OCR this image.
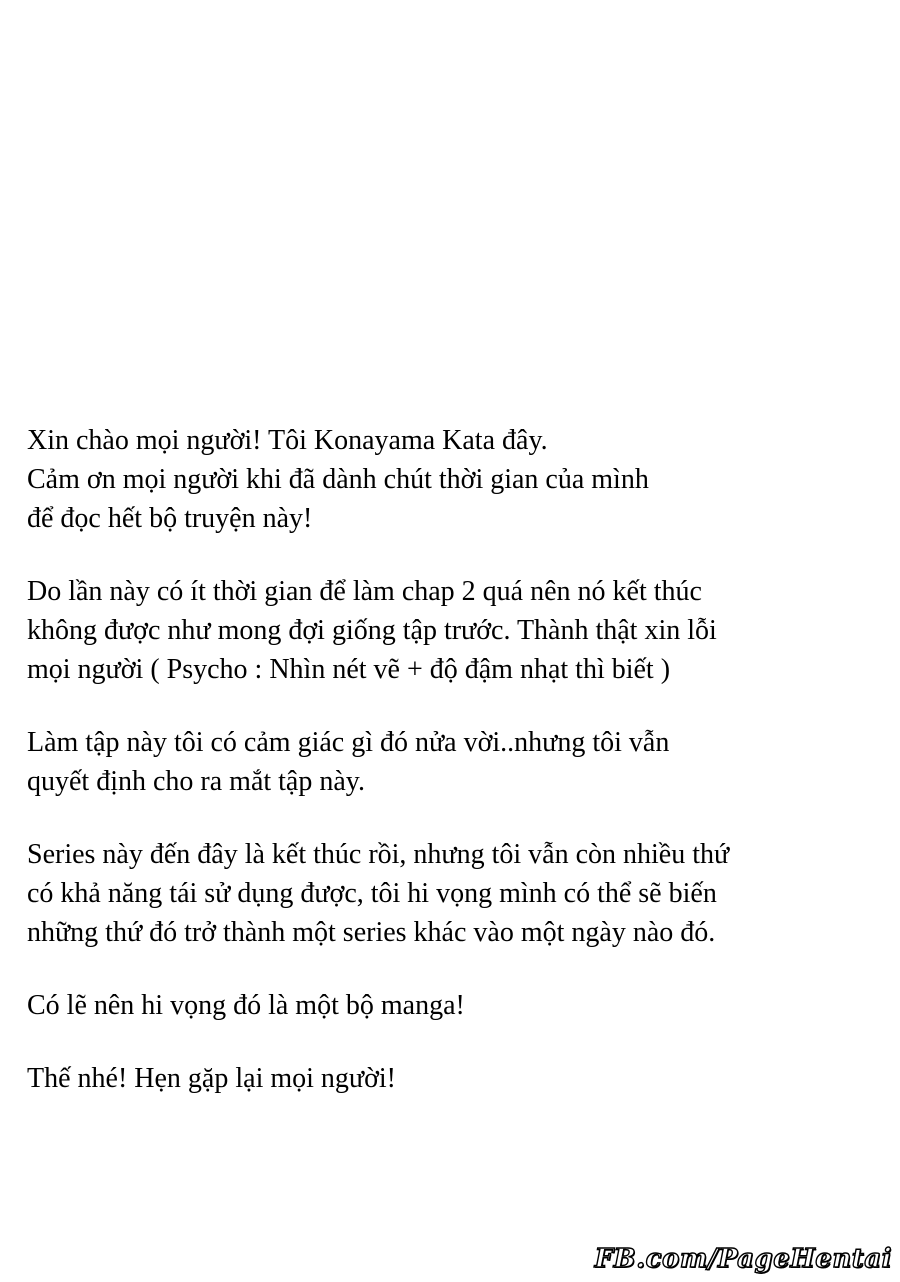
Xin chào mọi người! Tôi Konayama Kata đây.
Cảm ơn mọi người khi đã dành chút thời gian của mình
để đọc hết bộ truyện này!

Do lần này có ít thời gian để làm chap 2 quá nên nó kết thúc
không được như mong đợi giống tập trước. Thành thật xin lỗi
mọi người ( Psycho : Nhìn nét vẽ + độ đậm nhạt thì biết )

Làm tập này tôi có cảm giác gì đó nửa vời..nhưng tôi vẫn
quyết định cho ra mắt tập này.

Series này đến đây là kết thúc rồi, nhưng tôi vẫn còn nhiều thứ
có khả năng tái sử dụng được, tôi hi vọng mình có thể sẽ biến
những thứ đó trở thành một series khác vào một ngày nào đó.

Có lẽ nên hi vọng đó là một bộ manga!

Thế nhé! Hẹn gặp lại mọi người!

FB.com/PageHentai
